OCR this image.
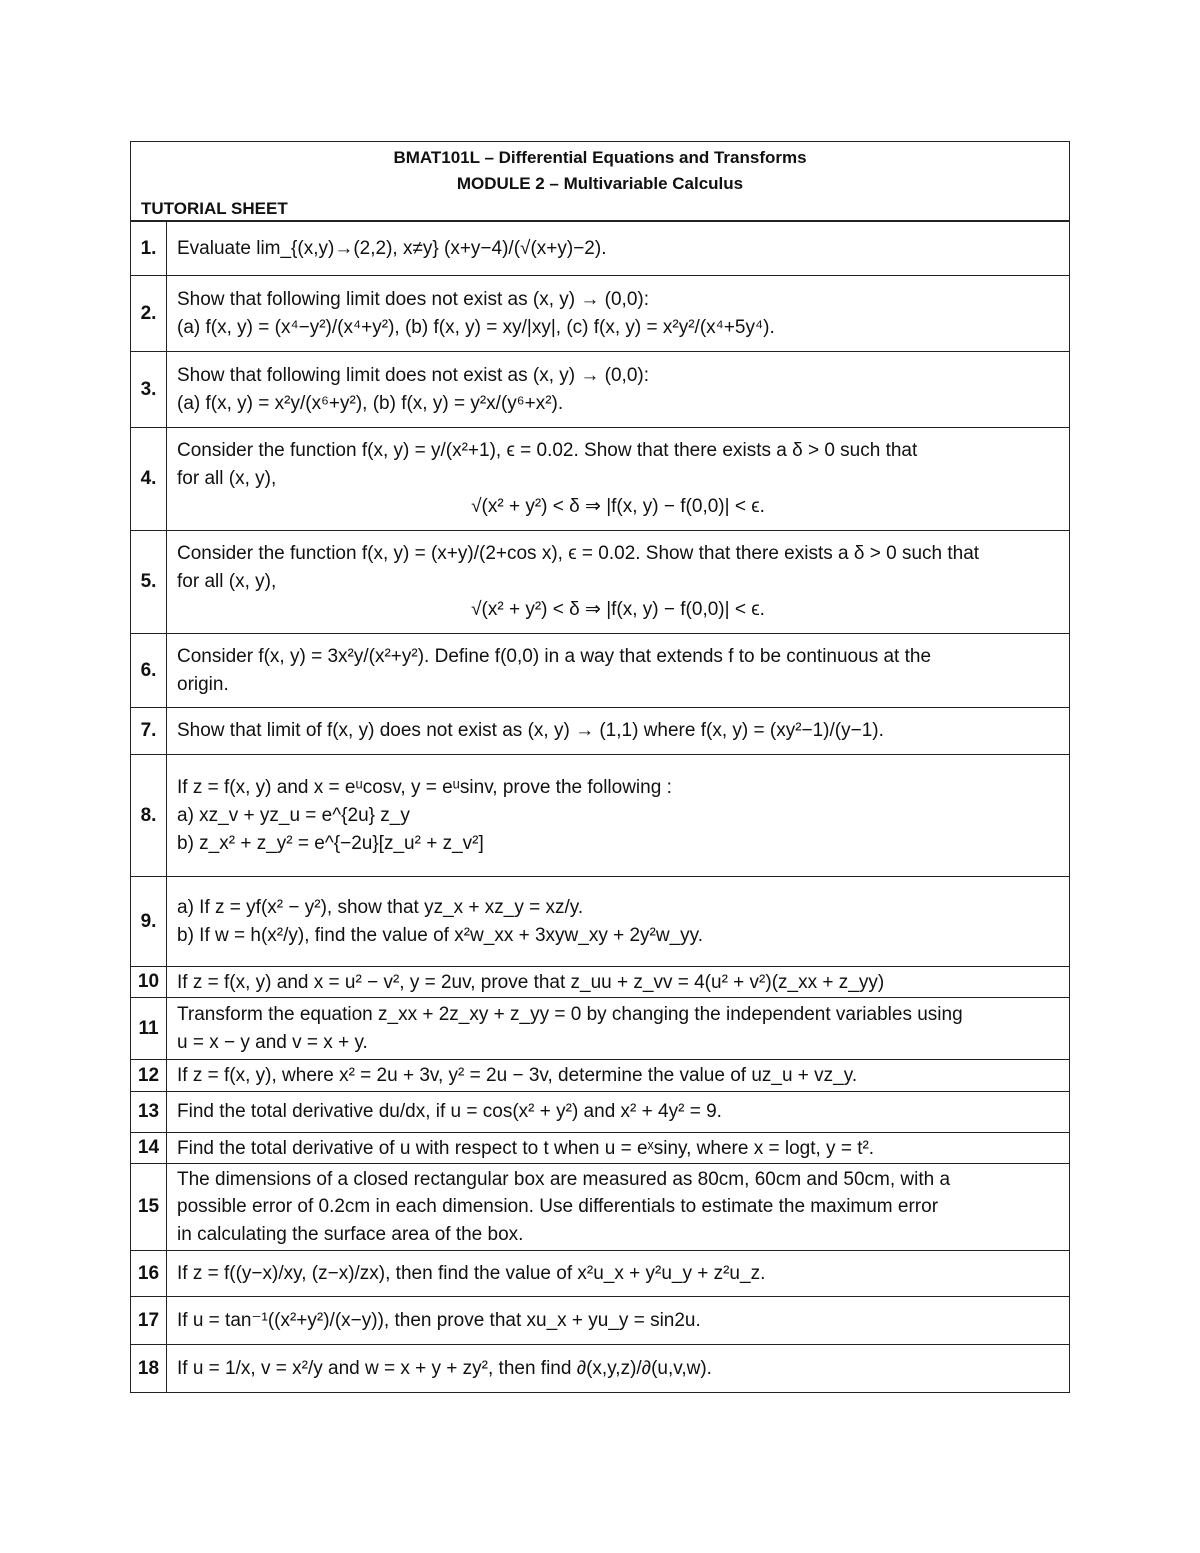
BMAT101L – Differential Equations and Transforms
MODULE 2 – Multivariable Calculus
TUTORIAL SHEET
1.	Evaluate lim_{(x,y)→(2,2), x≠y} (x+y−4)/(√(x+y)−2).
2.
Show that following limit does not exist as (x, y) → (0,0):
(a) f(x, y) = (x⁴−y²)/(x⁴+y²), (b) f(x, y) = xy/|xy|, (c) f(x, y) = x²y²/(x⁴+5y⁴).
3.
Show that following limit does not exist as (x, y) → (0,0):
(a) f(x, y) = x²y/(x⁶+y²), (b) f(x, y) = y²x/(y⁶+x²).
4.
Consider the function f(x, y) = y/(x²+1), ϵ = 0.02. Show that there exists a δ > 0 such that
for all (x, y),
√(x² + y²) < δ ⇒ |f(x, y) − f(0,0)| < ϵ.
5.
Consider the function f(x, y) = (x+y)/(2+cos x), ϵ = 0.02. Show that there exists a δ > 0 such that
for all (x, y),
√(x² + y²) < δ ⇒ |f(x, y) − f(0,0)| < ϵ.
6.
Consider f(x, y) = 3x²y/(x²+y²). Define f(0,0) in a way that extends f to be continuous at the
origin.
7.	Show that limit of f(x, y) does not exist as (x, y) → (1,1) where f(x, y) = (xy²−1)/(y−1).
8.
If z = f(x, y) and x = eᵘcosv, y = eᵘsinv, prove the following :
a) xz_v + yz_u = e^{2u} z_y
b) z_x² + z_y² = e^{−2u}[z_u² + z_v²]
9.
a) If z = yf(x² − y²), show that yz_x + xz_y = xz/y.
b) If w = h(x²/y), find the value of x²w_xx + 3xyw_xy + 2y²w_yy.
10 If z = f(x, y) and x = u² − v², y = 2uv, prove that z_uu + z_vv = 4(u² + v²)(z_xx + z_yy)
11
Transform the equation z_xx + 2z_xy + z_yy = 0 by changing the independent variables using
u = x − y and v = x + y.
12 If z = f(x, y), where x² = 2u + 3v, y² = 2u − 3v, determine the value of uz_u + vz_y.
13 Find the total derivative du/dx, if u = cos(x² + y²) and x² + 4y² = 9.
14 Find the total derivative of u with respect to t when u = eˣsiny, where x = logt, y = t².
15
The dimensions of a closed rectangular box are measured as 80cm, 60cm and 50cm, with a
possible error of 0.2cm in each dimension. Use differentials to estimate the maximum error
in calculating the surface area of the box.
16 If z = f((y−x)/xy, (z−x)/zx), then find the value of x²u_x + y²u_y + z²u_z.
17 If u = tan⁻¹((x²+y²)/(x−y)), then prove that xu_x + yu_y = sin2u.
18 If u = 1/x, v = x²/y and w = x + y + zy², then find ∂(x,y,z)/∂(u,v,w).
